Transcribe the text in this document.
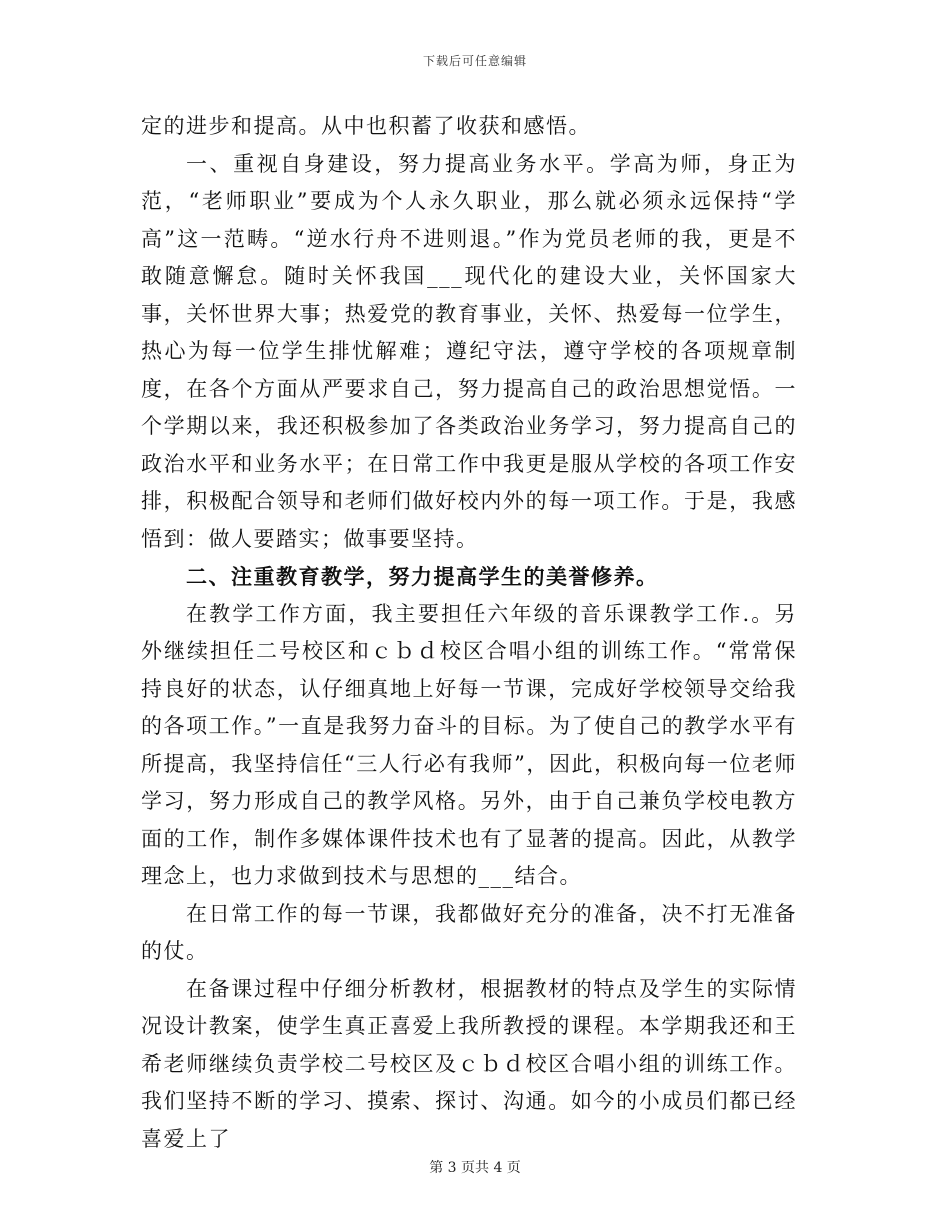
下载后可任意编辑

定的进步和提高。从中也积蓄了收获和感悟。

一、重视自身建设，努力提高业务水平。学高为师，身正为范，“老师职业”要成为个人永久职业，那么就必须永远保持“学高”这一范畴。“逆水行舟不进则退。”作为党员老师的我，更是不敢随意懈怠。随时关怀我国___现代化的建设大业，关怀国家大事，关怀世界大事；热爱党的教育事业，关怀、热爱每一位学生，热心为每一位学生排忧解难；遵纪守法，遵守学校的各项规章制度，在各个方面从严要求自己，努力提高自己的政治思想觉悟。一个学期以来，我还积极参加了各类政治业务学习，努力提高自己的政治水平和业务水平；在日常工作中我更是服从学校的各项工作安排，积极配合领导和老师们做好校内外的每一项工作。于是，我感悟到：做人要踏实；做事要坚持。

二、注重教育教学，努力提高学生的美誉修养。

在教学工作方面，我主要担任六年级的音乐课教学工作.。另外继续担任二号校区和ｃｂｄ校区合唱小组的训练工作。“常常保持良好的状态，认仔细真地上好每一节课，完成好学校领导交给我的各项工作。”一直是我努力奋斗的目标。为了使自己的教学水平有所提高，我坚持信任“三人行必有我师”，因此，积极向每一位老师学习，努力形成自己的教学风格。另外，由于自己兼负学校电教方面的工作，制作多媒体课件技术也有了显著的提高。因此，从教学理念上，也力求做到技术与思想的___结合。

在日常工作的每一节课，我都做好充分的准备，决不打无准备的仗。

在备课过程中仔细分析教材，根据教材的特点及学生的实际情况设计教案，使学生真正喜爱上我所教授的课程。本学期我还和王希老师继续负责学校二号校区及ｃｂｄ校区合唱小组的训练工作。我们坚持不断的学习、摸索、探讨、沟通。如今的小成员们都已经喜爱上了

第 3 页共 4 页
